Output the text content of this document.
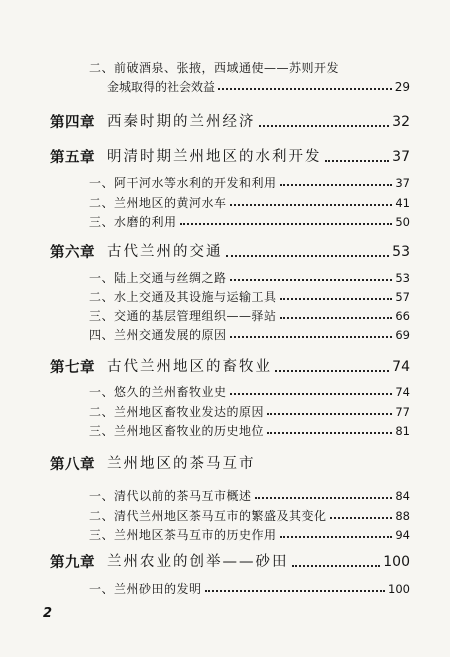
二、前破酒泉、张掖，西域通使——苏则开发
金城取得的社会效益	29
第四章 西秦时期的兰州经济	32
第五章 明清时期兰州地区的水利开发	37
一、阿干河水等水利的开发和利用	37
二、兰州地区的黄河水车	41
三、水磨的利用	50
第六章 古代兰州的交通	53
一、陆上交通与丝绸之路	53
二、水上交通及其设施与运输工具	57
三、交通的基层管理组织——驿站	66
四、兰州交通发展的原因	69
第七章 古代兰州地区的畜牧业	74
一、悠久的兰州畜牧业史	74
二、兰州地区畜牧业发达的原因	77
三、兰州地区畜牧业的历史地位	81
第八章 兰州地区的茶马互市
一、清代以前的茶马互市概述	84
二、清代兰州地区茶马互市的繁盛及其变化	88
三、兰州地区茶马互市的历史作用	94
第九章 兰州农业的创举——砂田	100
一、兰州砂田的发明	100
2
